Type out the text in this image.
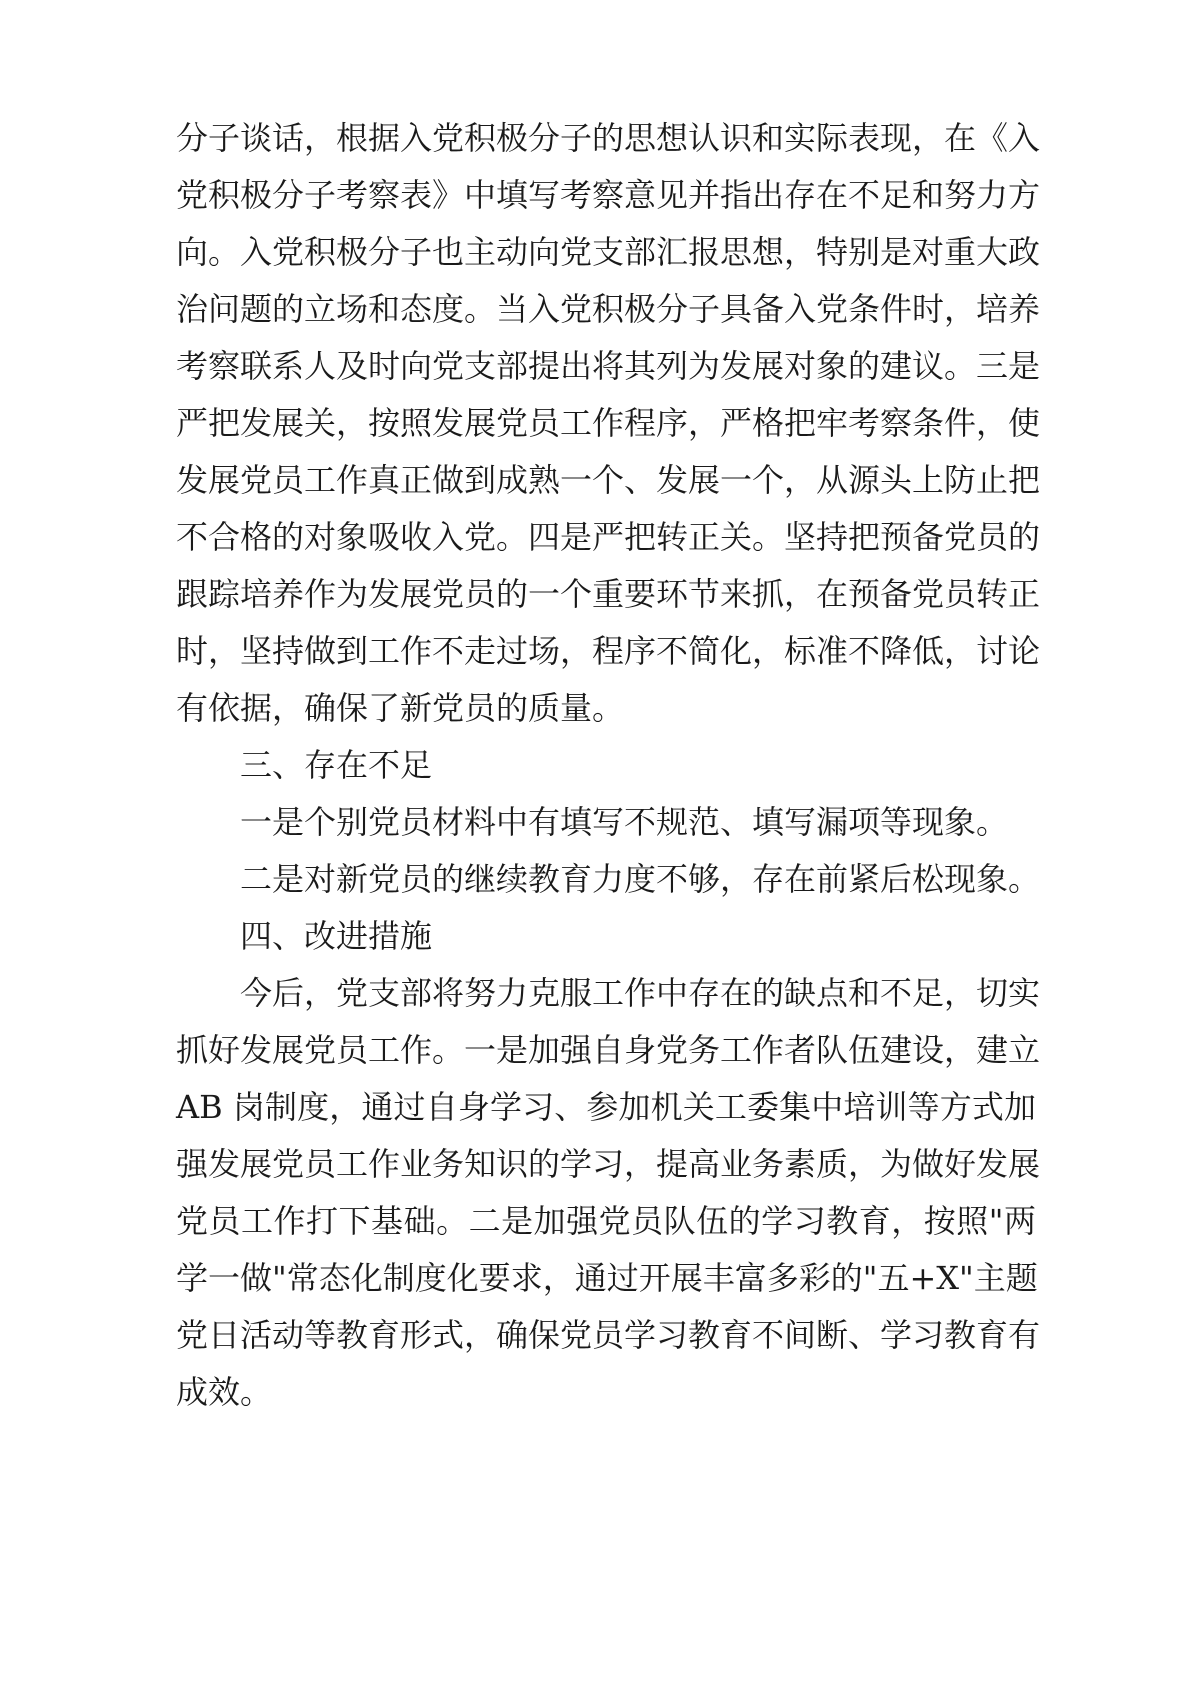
分子谈话，根据入党积极分子的思想认识和实际表现，在《入
党积极分子考察表》中填写考察意见并指出存在不足和努力方
向。入党积极分子也主动向党支部汇报思想，特别是对重大政
治问题的立场和态度。当入党积极分子具备入党条件时，培养
考察联系人及时向党支部提出将其列为发展对象的建议。三是
严把发展关，按照发展党员工作程序，严格把牢考察条件，使
发展党员工作真正做到成熟一个、发展一个，从源头上防止把
不合格的对象吸收入党。四是严把转正关。坚持把预备党员的
跟踪培养作为发展党员的一个重要环节来抓，在预备党员转正
时，坚持做到工作不走过场，程序不简化，标准不降低，讨论
有依据，确保了新党员的质量。
　　三、存在不足
　　一是个别党员材料中有填写不规范、填写漏项等现象。
　　二是对新党员的继续教育力度不够，存在前紧后松现象。
　　四、改进措施
　　今后，党支部将努力克服工作中存在的缺点和不足，切实
抓好发展党员工作。一是加强自身党务工作者队伍建设，建立
AB 岗制度，通过自身学习、参加机关工委集中培训等方式加
强发展党员工作业务知识的学习，提高业务素质，为做好发展
党员工作打下基础。二是加强党员队伍的学习教育，按照"两
学一做"常态化制度化要求，通过开展丰富多彩的"五+X"主题
党日活动等教育形式，确保党员学习教育不间断、学习教育有
成效。
